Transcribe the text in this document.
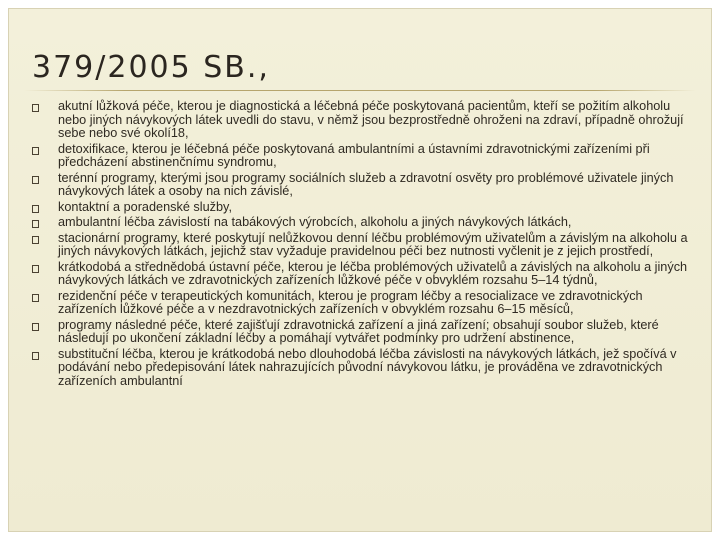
379/2005 SB.,
akutní lůžková péče, kterou je diagnostická a léčebná péče poskytovaná pacientům, kteří se požitím alkoholu nebo jiných návykových látek uvedli do stavu, v němž jsou bezprostředně ohroženi na zdraví, případně ohrožují sebe nebo své okolí18,
detoxifikace, kterou je léčebná péče poskytovaná ambulantními a ústavními zdravotnickými zařízeními při předcházení abstinenčnímu syndromu,
terénní programy, kterými jsou programy sociálních služeb a zdravotní osvěty pro problémové uživatele jiných návykových látek a osoby na nich závislé,
kontaktní a poradenské služby,
ambulantní léčba závislostí na tabákových výrobcích, alkoholu a jiných návykových látkách,
stacionární programy, které poskytují nelůžkovou denní léčbu problémovým uživatelům a závislým na alkoholu a jiných návykových látkách, jejichž stav vyžaduje pravidelnou péči bez nutnosti vyčlenit je z jejich prostředí,
krátkodobá a střednědobá ústavní péče, kterou je léčba problémových uživatelů a závislých na alkoholu a jiných návykových látkách ve zdravotnických zařízeních lůžkové péče v obvyklém rozsahu 5–14 týdnů,
rezidenční péče v terapeutických komunitách, kterou je program léčby a resocializace ve zdravotnických zařízeních lůžkové péče a v nezdravotnických zařízeních v obvyklém rozsahu 6–15 měsíců,
programy následné péče, které zajišťují zdravotnická zařízení a jiná zařízení; obsahují soubor služeb, které následují po ukončení základní léčby a pomáhají vytvářet podmínky pro udržení abstinence,
substituční léčba, kterou je krátkodobá nebo dlouhodobá léčba závislosti na návykových látkách, jež spočívá v podávání nebo předepisování látek nahrazujících původní návykovou látku, je prováděna ve zdravotnických zařízeních ambulantní
